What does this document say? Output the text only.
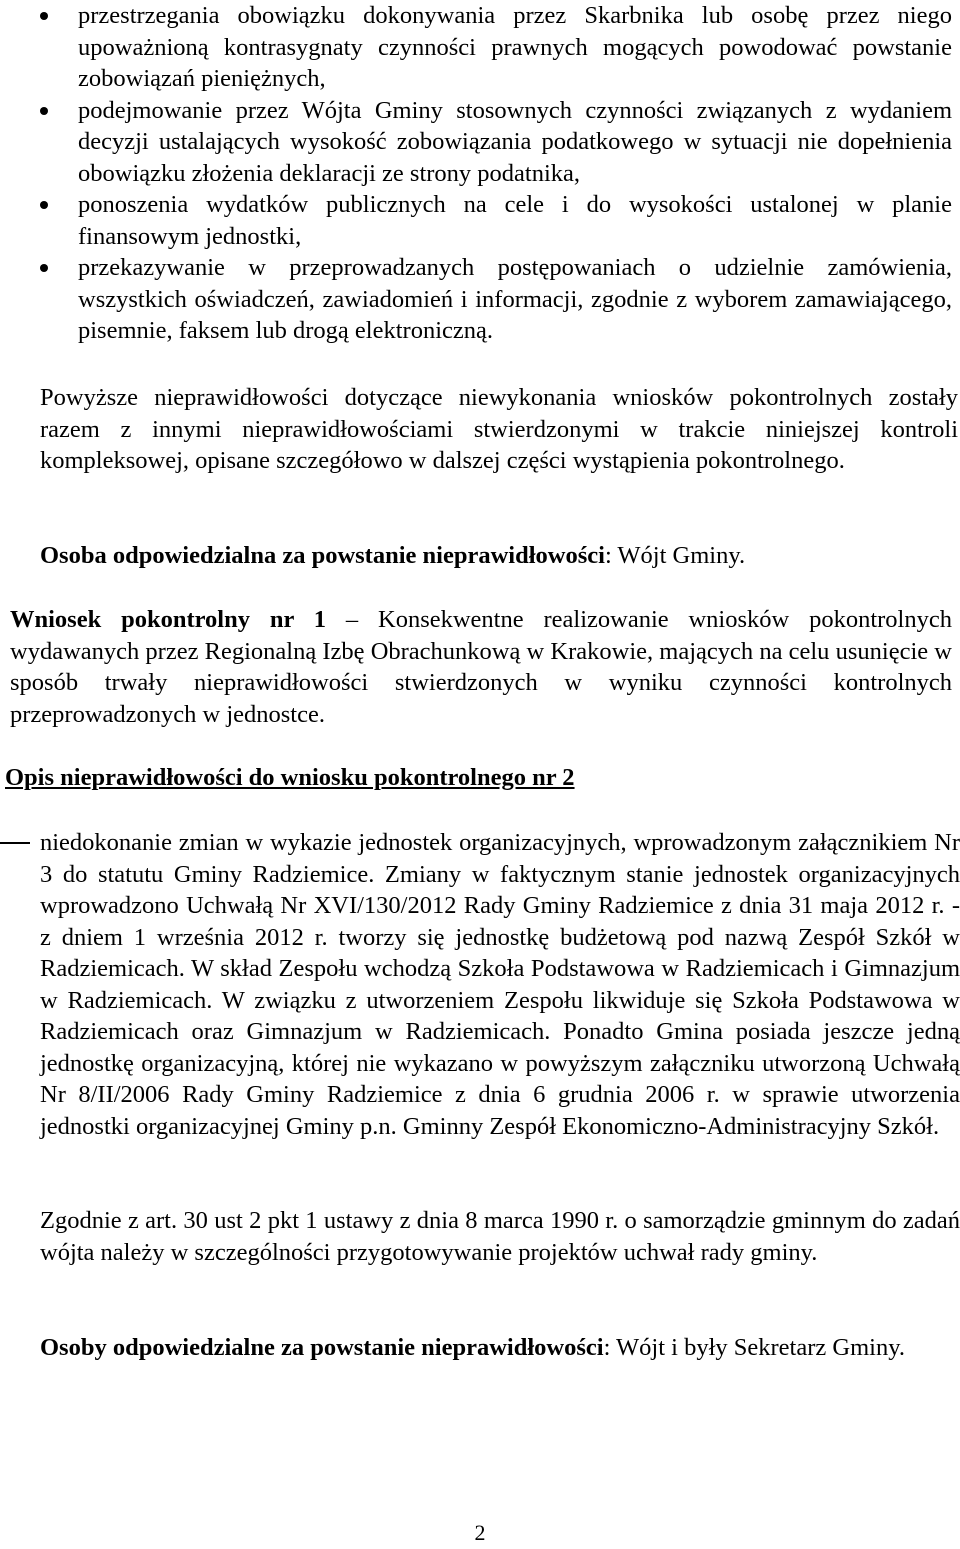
przestrzegania obowiązku dokonywania przez Skarbnika lub osobę przez niego upoważnioną kontrasygnaty czynności prawnych mogących powodować powstanie zobowiązań pieniężnych,
podejmowanie przez Wójta Gminy stosownych czynności związanych z wydaniem decyzji ustalających wysokość zobowiązania podatkowego w sytuacji nie dopełnienia obowiązku złożenia deklaracji ze strony podatnika,
ponoszenia wydatków publicznych na cele i do wysokości ustalonej w planie finansowym jednostki,
przekazywanie w przeprowadzanych postępowaniach o udzielnie zamówienia, wszystkich oświadczeń, zawiadomień i informacji, zgodnie z wyborem zamawiającego, pisemnie, faksem lub drogą elektroniczną.

Powyższe nieprawidłowości dotyczące niewykonania wniosków pokontrolnych zostały razem z innymi nieprawidłowościami stwierdzonymi w trakcie niniejszej kontroli kompleksowej, opisane szczegółowo w dalszej części wystąpienia pokontrolnego.

Osoba odpowiedzialna za powstanie nieprawidłowości: Wójt Gminy.

Wniosek pokontrolny nr 1 – Konsekwentne realizowanie wniosków pokontrolnych wydawanych przez Regionalną Izbę Obrachunkową w Krakowie, mających na celu usunięcie w sposób trwały nieprawidłowości stwierdzonych w wyniku czynności kontrolnych przeprowadzonych w jednostce.

Opis nieprawidłowości do wniosku pokontrolnego nr 2

niedokonanie zmian w wykazie jednostek organizacyjnych, wprowadzonym załącznikiem Nr 3 do statutu Gminy Radziemice. Zmiany w faktycznym stanie jednostek organizacyjnych wprowadzono Uchwałą Nr XVI/130/2012 Rady Gminy Radziemice z dnia 31 maja 2012 r. - z dniem 1 września 2012 r. tworzy się jednostkę budżetową pod nazwą Zespół Szkół w Radziemicach. W skład Zespołu wchodzą Szkoła Podstawowa w Radziemicach i Gimnazjum w Radziemicach. W związku z utworzeniem Zespołu likwiduje się Szkoła Podstawowa w Radziemicach oraz Gimnazjum w Radziemicach. Ponadto Gmina posiada jeszcze jedną jednostkę organizacyjną, której nie wykazano w powyższym załączniku utworzoną Uchwałą Nr 8/II/2006 Rady Gminy Radziemice z dnia 6 grudnia 2006 r. w sprawie utworzenia jednostki organizacyjnej Gminy p.n. Gminny Zespół Ekonomiczno-Administracyjny Szkół.

Zgodnie z art. 30 ust 2 pkt 1 ustawy z dnia 8 marca 1990 r. o samorządzie gminnym do zadań wójta należy w szczególności przygotowywanie projektów uchwał rady gminy.

Osoby odpowiedzialne za powstanie nieprawidłowości: Wójt i były Sekretarz Gminy.

2
